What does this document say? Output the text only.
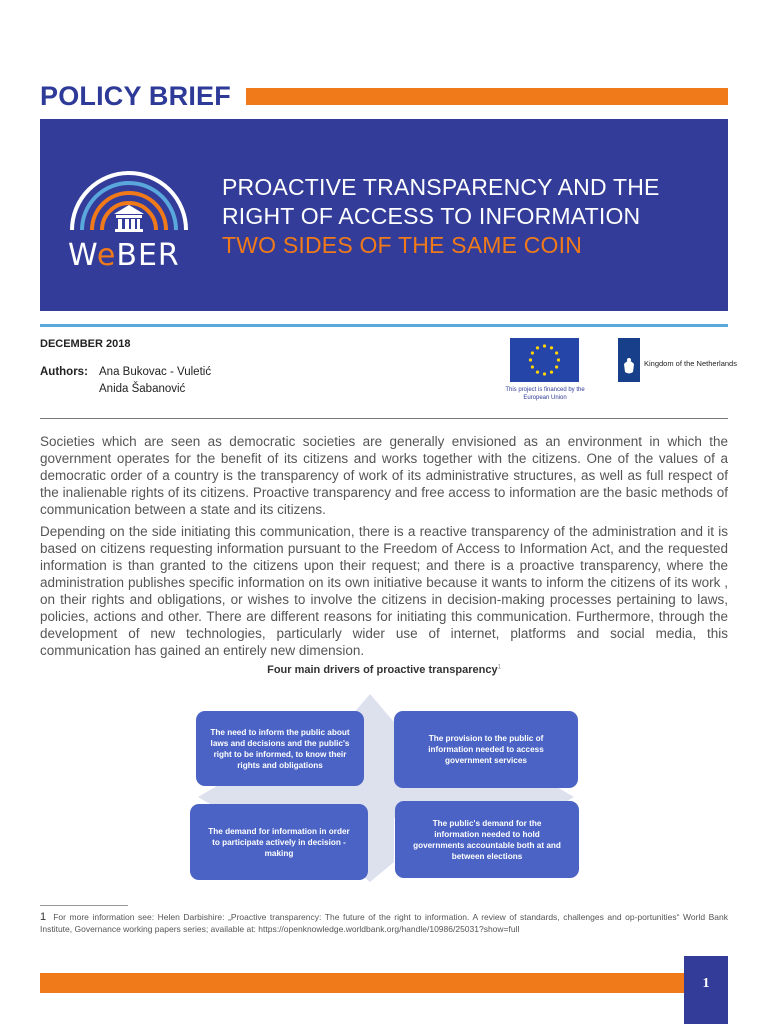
POLICY BRIEF
WeBER
PROACTIVE TRANSPARENCY AND THE
RIGHT OF ACCESS TO INFORMATION
TWO SIDES OF THE SAME COIN
DECEMBER 2018
Authors: Ana Bukovac - Vuletić
Anida Šabanović	This project is financed by the European Union
Kingdom of the Netherlands

Societies which are seen as democratic societies are generally envisioned as an environment in which the government operates for the benefit of its citizens and works together with the citizens. One of the values of a democratic order of a country is the transparency of work of its administrative structures, as well as full respect of the inalienable rights of its citizens. Proactive transparency and free access to information are the basic methods of communication between a state and its citizens.

Depending on the side initiating this communication, there is a reactive transparency of the administration and it is based on citizens requesting information pursuant to the Freedom of Access to Information Act, and the requested information is than granted to the citizens upon their request; and there is a proactive transparency, where the administration publishes specific information on its own initiative because it wants to inform the citizens of its work , on their rights and obligations, or wishes to involve the citizens in decision-making processes pertaining to laws, policies, actions and other. There are different reasons for initiating this communication. Furthermore, through the development of new technologies, particularly wider use of internet, platforms and social media, this communication has gained an entirely new dimension.

Four main drivers of proactive transparency$^1$
The need to inform the public about laws and decisions and the public's right to be informed, to know their rights and obligations
The provision to the public of information needed to access government services
The demand for information in order to participate actively in decision - making
The public's demand for the information needed to hold governments accountable both at and between elections
1 For more information see: Helen Darbishire: „Proactive transparency: The future of the right to information. A review of standards, challenges and op-portunities“ World Bank Institute, Governance working papers series; available at: https://openknowledge.worldbank.org/handle/10986/25031?show=full
1
